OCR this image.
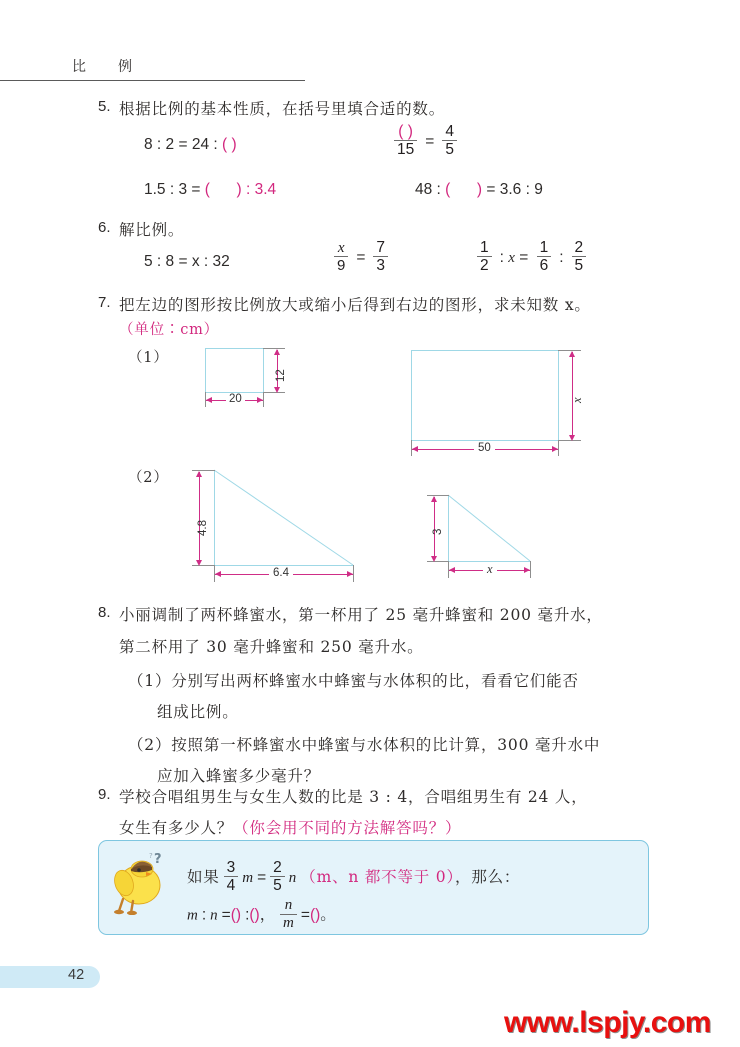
比　例
5. 根据比例的基本性质，在括号里填合适的数。
8 : 2 = 24 : ( )	$\frac{( )}{15} = \frac{4}{5}$
1.5 : 3 = ( ) : 3.4	48 : ( ) = 3.6 : 9
6. 解比例。
5 : 8 = x : 32	$\frac{x}{9} = \frac{7}{3}$	$\frac{1}{2}$ : $x = \frac{1}{6}$ : $\frac{2}{5}$
7. 把左边的图形按比例放大或缩小后得到右边的图形，求未知数 x。
（单位∶cm）
（1）
（2）
12
20	x
50
4.8
6.4
3
x
8. 小丽调制了两杯蜂蜜水，第一杯用了 25 毫升蜂蜜和 200 毫升水，
第二杯用了 30 毫升蜂蜜和 250 毫升水。
（1）分别写出两杯蜂蜜水中蜂蜜与水体积的比，看看它们能否
组成比例。
（2）按照第一杯蜂蜜水中蜂蜜与水体积的比计算，300 毫升水中
应加入蜂蜜多少毫升？
9. 学校合唱组男生与女生人数的比是 3 : 4，合唱组男生有 24 人，
女生有多少人？（你会用不同的方法解答吗？）
?
?
如果 $\frac{3}{4}$ $m = \frac{2}{5}$ n （m、n 都不等于 0），那么：
m : n =() :()， $\frac{n}{m}$ =()。
42
www.lspjy.com
